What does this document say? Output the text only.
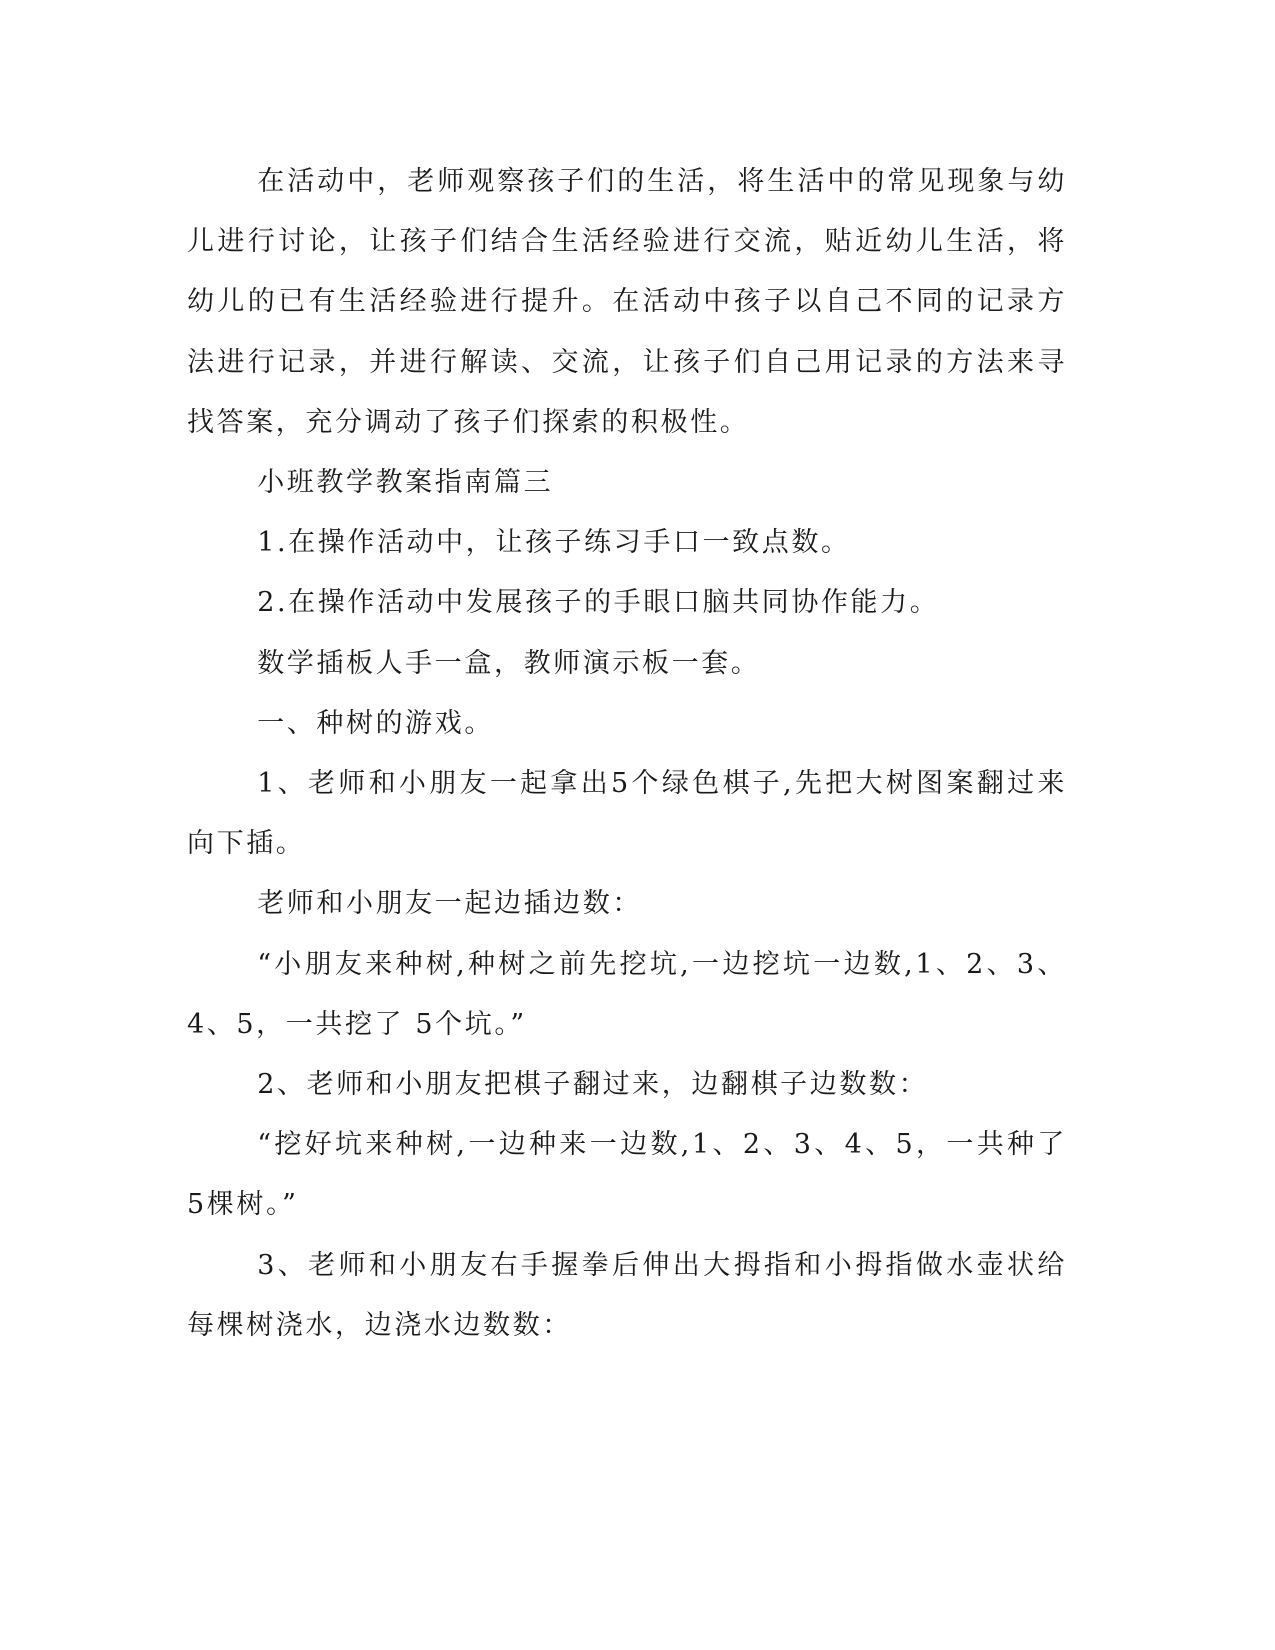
在活动中，老师观察孩子们的生活，将生活中的常见现象与幼儿进行讨论，让孩子们结合生活经验进行交流，贴近幼儿生活，将幼儿的已有生活经验进行提升。在活动中孩子以自己不同的记录方法进行记录，并进行解读、交流，让孩子们自己用记录的方法来寻找答案，充分调动了孩子们探索的积极性。

小班教学教案指南篇三

1.在操作活动中，让孩子练习手口一致点数。

2.在操作活动中发展孩子的手眼口脑共同协作能力。

数学插板人手一盒，教师演示板一套。

一、种树的游戏。

1、老师和小朋友一起拿出5个绿色棋子,先把大树图案翻过来向下插。

老师和小朋友一起边插边数：

“小朋友来种树,种树之前先挖坑,一边挖坑一边数,1、2、3、4、5，一共挖了 5个坑。”

2、老师和小朋友把棋子翻过来，边翻棋子边数数：

“挖好坑来种树,一边种来一边数,1、2、3、4、5，一共种了 5棵树。”

3、老师和小朋友右手握拳后伸出大拇指和小拇指做水壶状给每棵树浇水，边浇水边数数：
